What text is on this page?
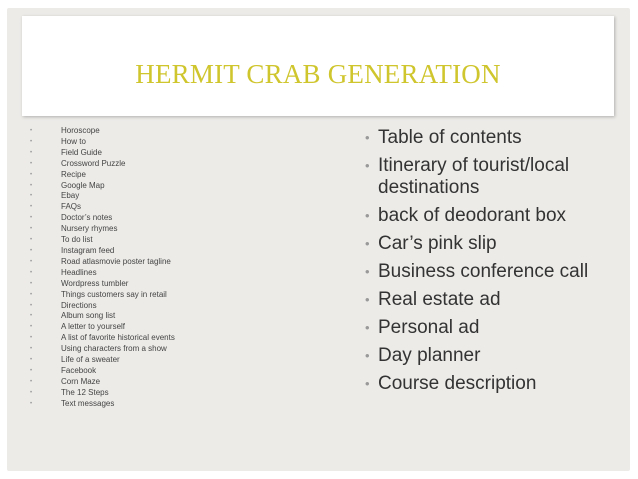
HERMIT CRAB GENERATION
• Horoscope
• How to
• Field Guide
• Crossword Puzzle
• Recipe
• Google Map
• Ebay
• FAQs
• Doctor’s notes
• Nursery rhymes
• To do list
• Instagram feed
• Road atlasmovie poster tagline
• Headlines
• Wordpress tumbler
• Things customers say in retail
• Directions
• Album song list
• A letter to yourself
• A list of favorite historical events
• Using characters from a show
• Life of a sweater
• Facebook
• Corn Maze
• The 12 Steps
• Text messages
• Table of contents
• Itinerary of tourist/local destinations
• back of deodorant box
• Car’s pink slip
• Business conference call
• Real estate ad
• Personal ad
• Day planner
• Course description
